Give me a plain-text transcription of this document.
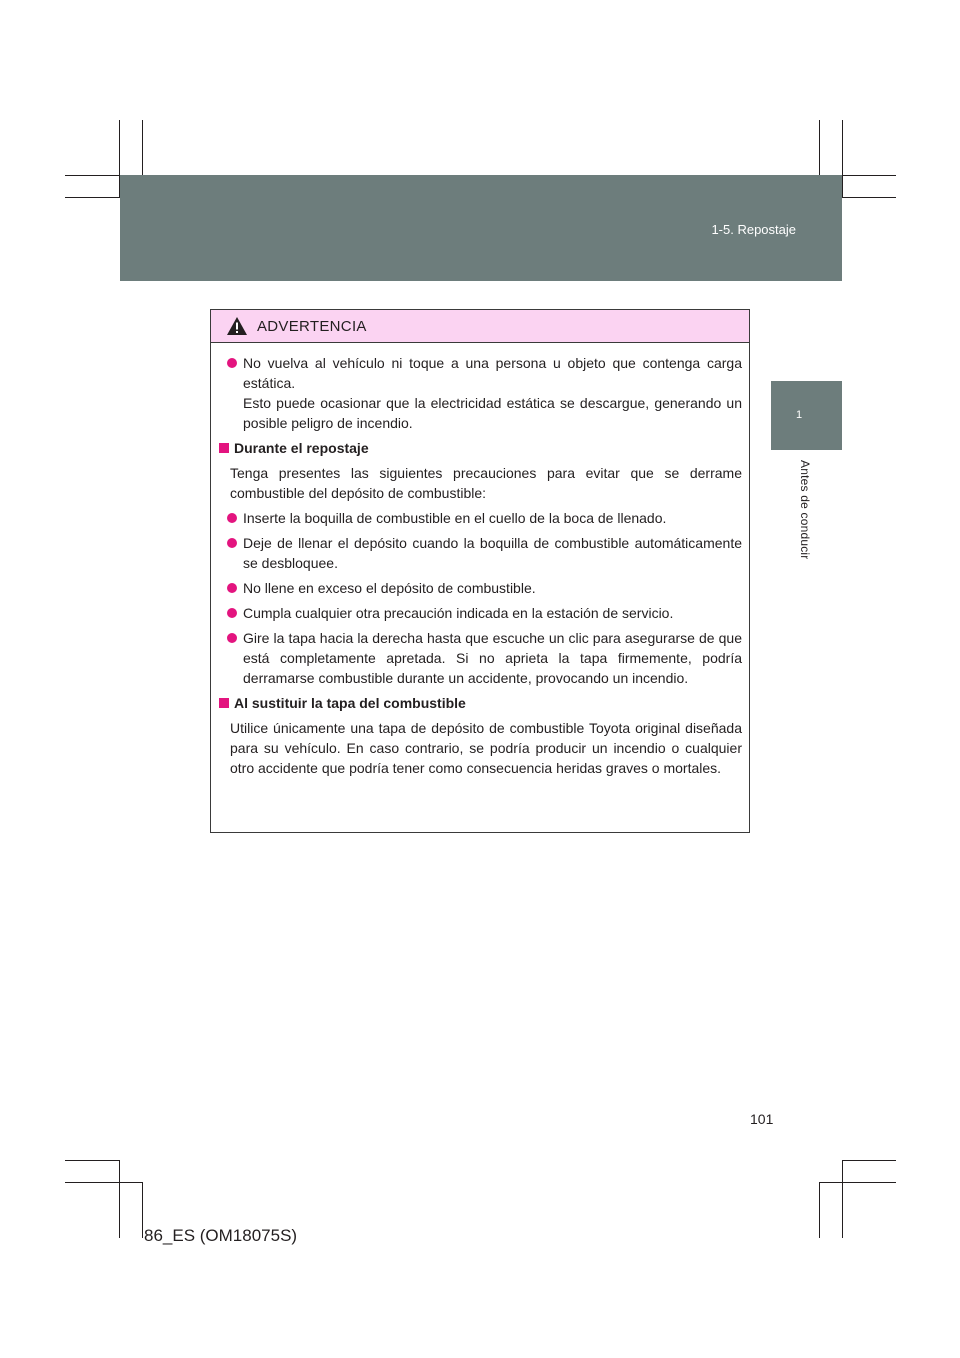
1-5. Repostaje
1
Antes de conducir
ADVERTENCIA
No vuelva al vehículo ni toque a una persona u objeto que contenga carga estática.
Esto puede ocasionar que la electricidad estática se descargue, generando un posible peligro de incendio.
Durante el repostaje
Tenga presentes las siguientes precauciones para evitar que se derrame combustible del depósito de combustible:
Inserte la boquilla de combustible en el cuello de la boca de llenado.
Deje de llenar el depósito cuando la boquilla de combustible automáticamente se desbloquee.
No llene en exceso el depósito de combustible.
Cumpla cualquier otra precaución indicada en la estación de servicio.
Gire la tapa hacia la derecha hasta que escuche un clic para asegurarse de que está completamente apretada. Si no aprieta la tapa firmemente, podría derramarse combustible durante un accidente, provocando un incendio.
Al sustituir la tapa del combustible
Utilice únicamente una tapa de depósito de combustible Toyota original diseñada para su vehículo. En caso contrario, se podría producir un incendio o cualquier otro accidente que podría tener como consecuencia heridas graves o mortales.
101
86_ES (OM18075S)
